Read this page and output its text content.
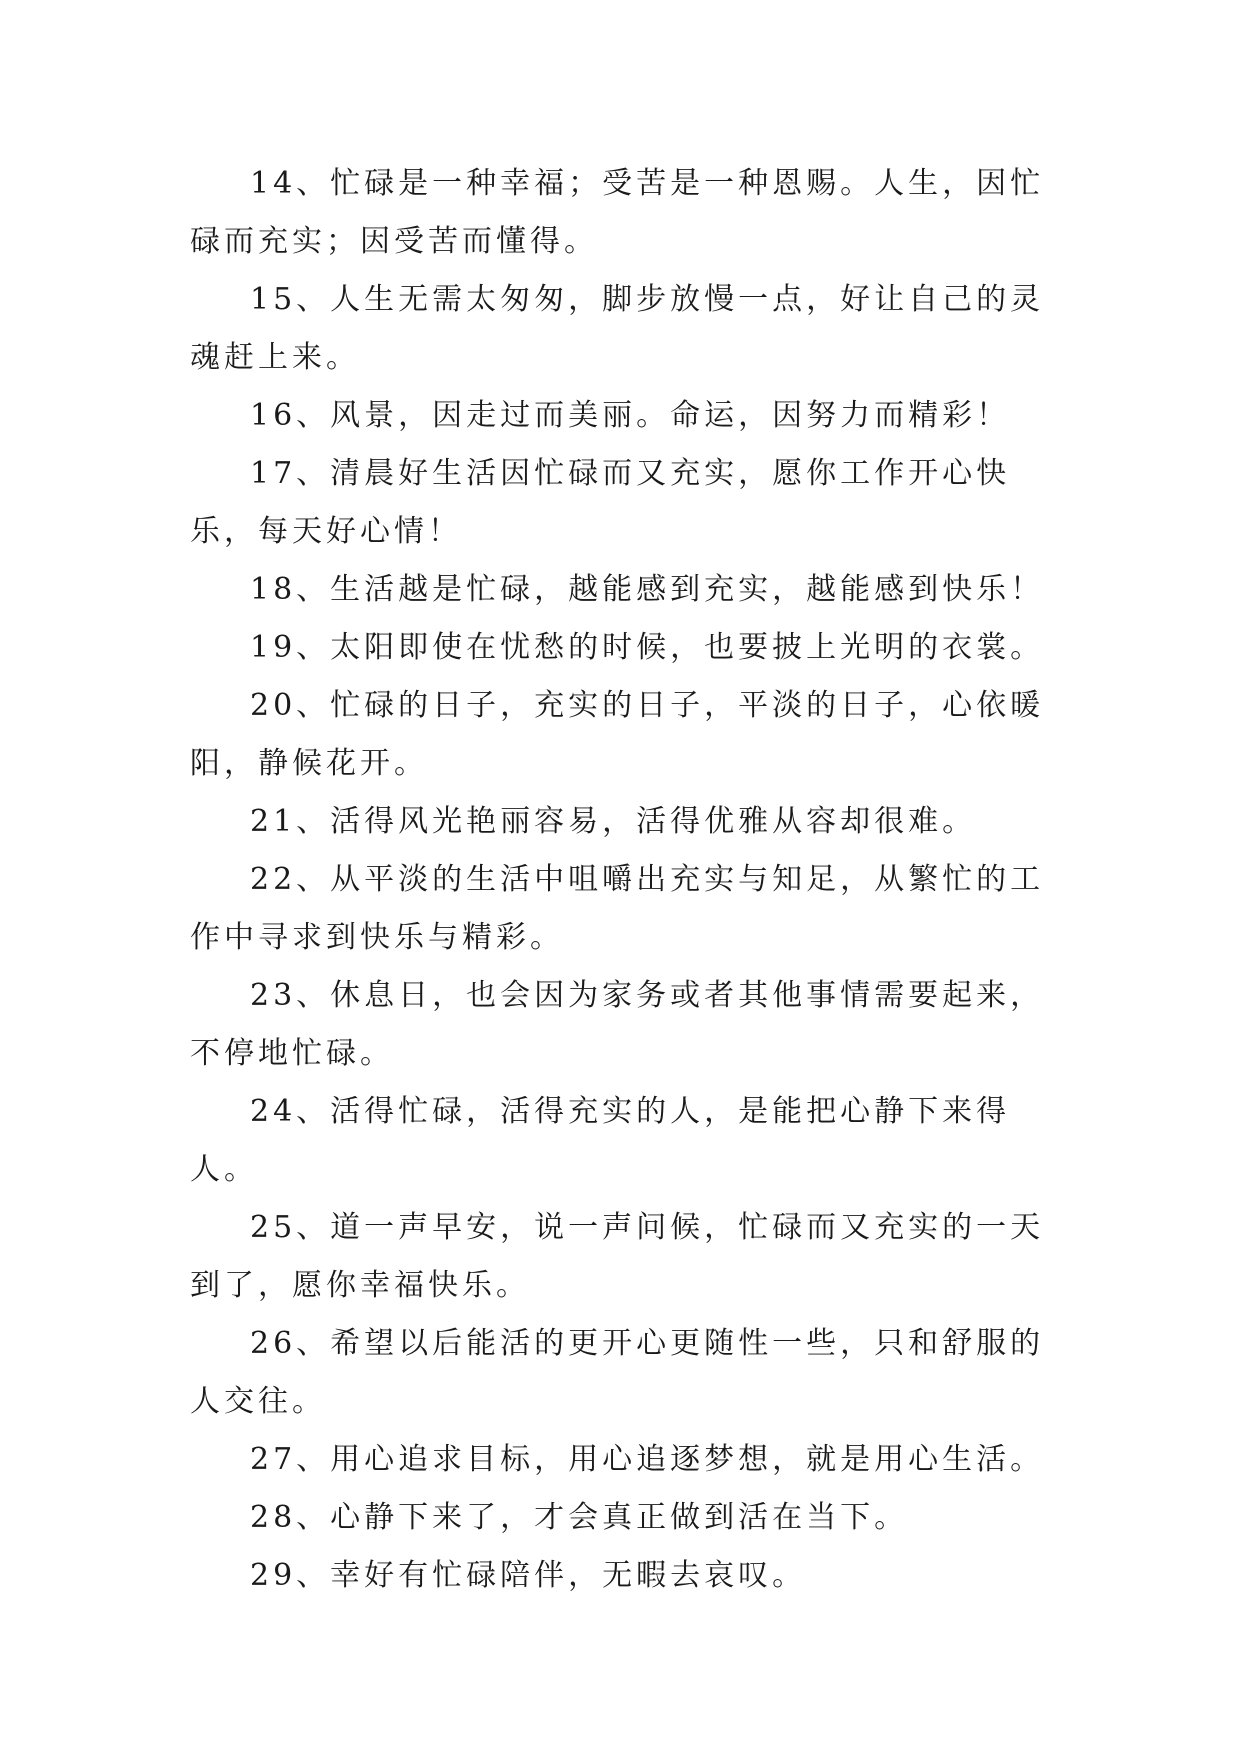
14、忙碌是一种幸福；受苦是一种恩赐。人生，因忙碌而充实；因受苦而懂得。

15、人生无需太匆匆，脚步放慢一点，好让自己的灵魂赶上来。

16、风景，因走过而美丽。命运，因努力而精彩！

17、清晨好生活因忙碌而又充实，愿你工作开心快乐，每天好心情！

18、生活越是忙碌，越能感到充实，越能感到快乐！

19、太阳即使在忧愁的时候，也要披上光明的衣裳。

20、忙碌的日子，充实的日子，平淡的日子，心依暖阳，静候花开。

21、活得风光艳丽容易，活得优雅从容却很难。

22、从平淡的生活中咀嚼出充实与知足，从繁忙的工作中寻求到快乐与精彩。

23、休息日，也会因为家务或者其他事情需要起来，不停地忙碌。

24、活得忙碌，活得充实的人，是能把心静下来得人。

25、道一声早安，说一声问候，忙碌而又充实的一天到了，愿你幸福快乐。

26、希望以后能活的更开心更随性一些，只和舒服的人交往。

27、用心追求目标，用心追逐梦想，就是用心生活。

28、心静下来了，才会真正做到活在当下。

29、幸好有忙碌陪伴，无暇去哀叹。
